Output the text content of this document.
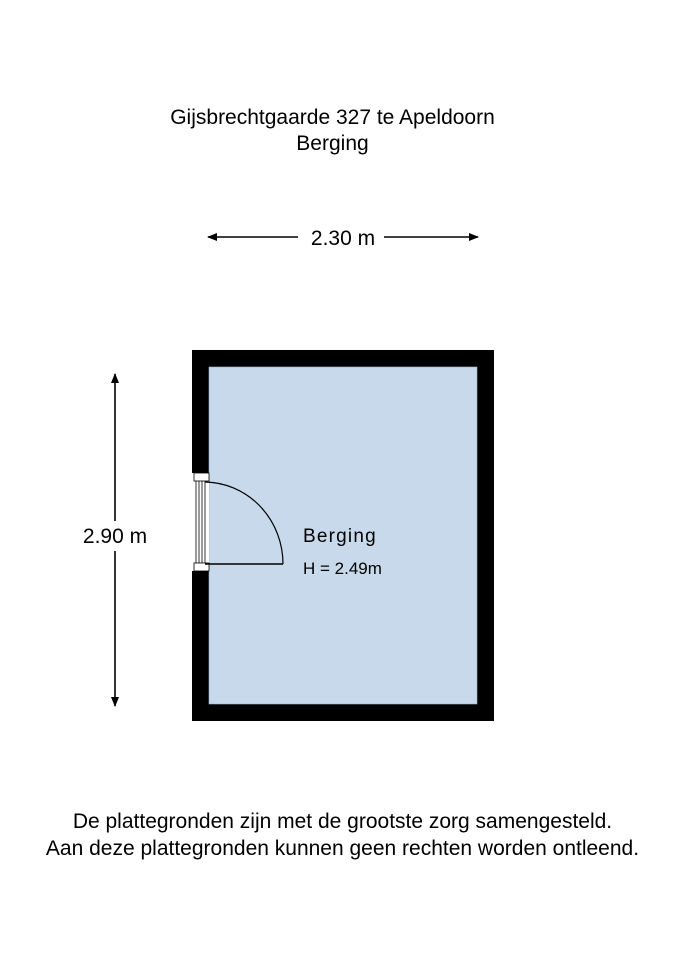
Gijsbrechtgaarde 327 te Apeldoorn
Berging
2.30 m
2.90 m	Berging
H = 2.49m
De plattegronden zijn met de grootste zorg samengesteld.
Aan deze plattegronden kunnen geen rechten worden ontleend.
